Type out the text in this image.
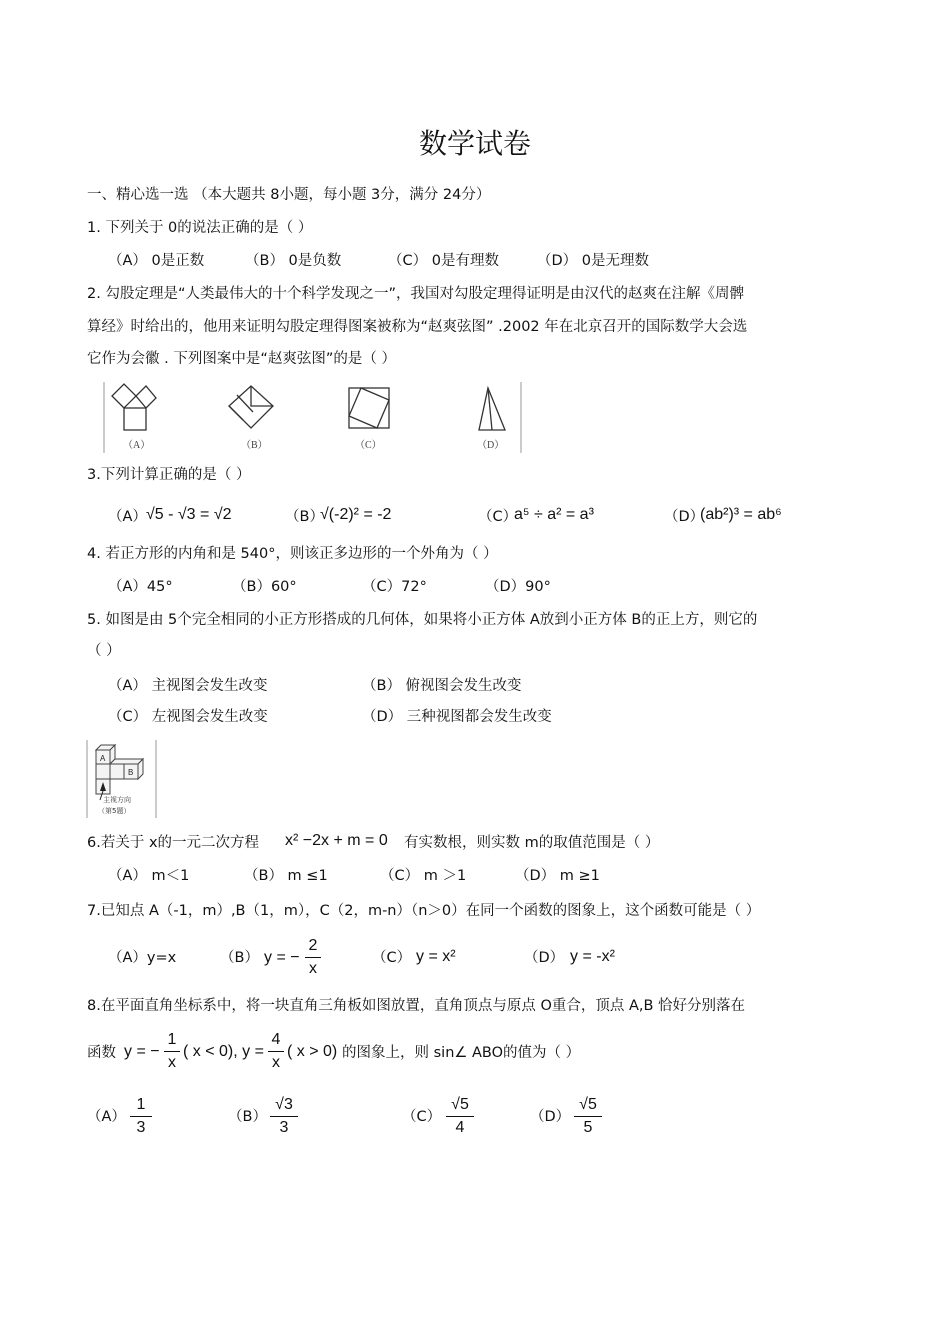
数学试卷
一、精心选一选 （本大题共 8小题，每小题 3分，满分 24分）
1. 下列关于 0的说法正确的是（ ）
（A） 0是正数	（B） 0是负数	（C） 0是有理数	（D） 0是无理数
2. 勾股定理是“人类最伟大的十个科学发现之一”，我国对勾股定理得证明是由汉代的赵爽在注解《周髀
算经》时给出的，他用来证明勾股定理得图案被称为“赵爽弦图” .2002 年在北京召开的国际数学大会选
它作为会徽 . 下列图案中是“赵爽弦图”的是（ ）
（A）	（B）	（C）	（D）
3.下列计算正确的是（ ）
（A） √5 - √3 = √2	（B）
√(-2)² = -2	（C）
a⁵ ÷ a² = a³	（D）
(ab²)³ = ab⁶
4. 若正方形的内角和是 540°，则该正多边形的一个外角为（ ）
（A）45°	（B）60°	（C）72°	（D）90°
5. 如图是由 5个完全相同的小正方形搭成的几何体，如果将小正方体 A放到小正方体 B的正上方，则它的
（ ）
（A） 主视图会发生改变	（B） 俯视图会发生改变
（C） 左视图会发生改变	（D） 三种视图都会发生改变
A
B
主视方向
（第5题）
6.若关于 x的一元二次方程 x² −2x + m = 0 有实数根，则实数 m的取值范围是（ ）
（A） m＜1	（B） m ≤1	（C） m ＞1	（D） m ≥1
7.已知点 A（-1，m）,B（1，m），C（2，m-n）（n＞0）在同一个函数的图象上，这个函数可能是（ ）
（A）y=x	（B） y = −
2
x
（C） y = x²	（D） y = -x²
8.在平面直角坐标系中，将一块直角三角板如图放置，直角顶点与原点 O重合，顶点 A,B 恰好分别落在
函数 y = −
1
x
( x < 0), y =
4
x
( x > 0) 的图象上，则 sin∠ ABO的值为（ ）
（A）
1
3
（B）
√3
3
（C）
√5
4
（D）
√5
5
